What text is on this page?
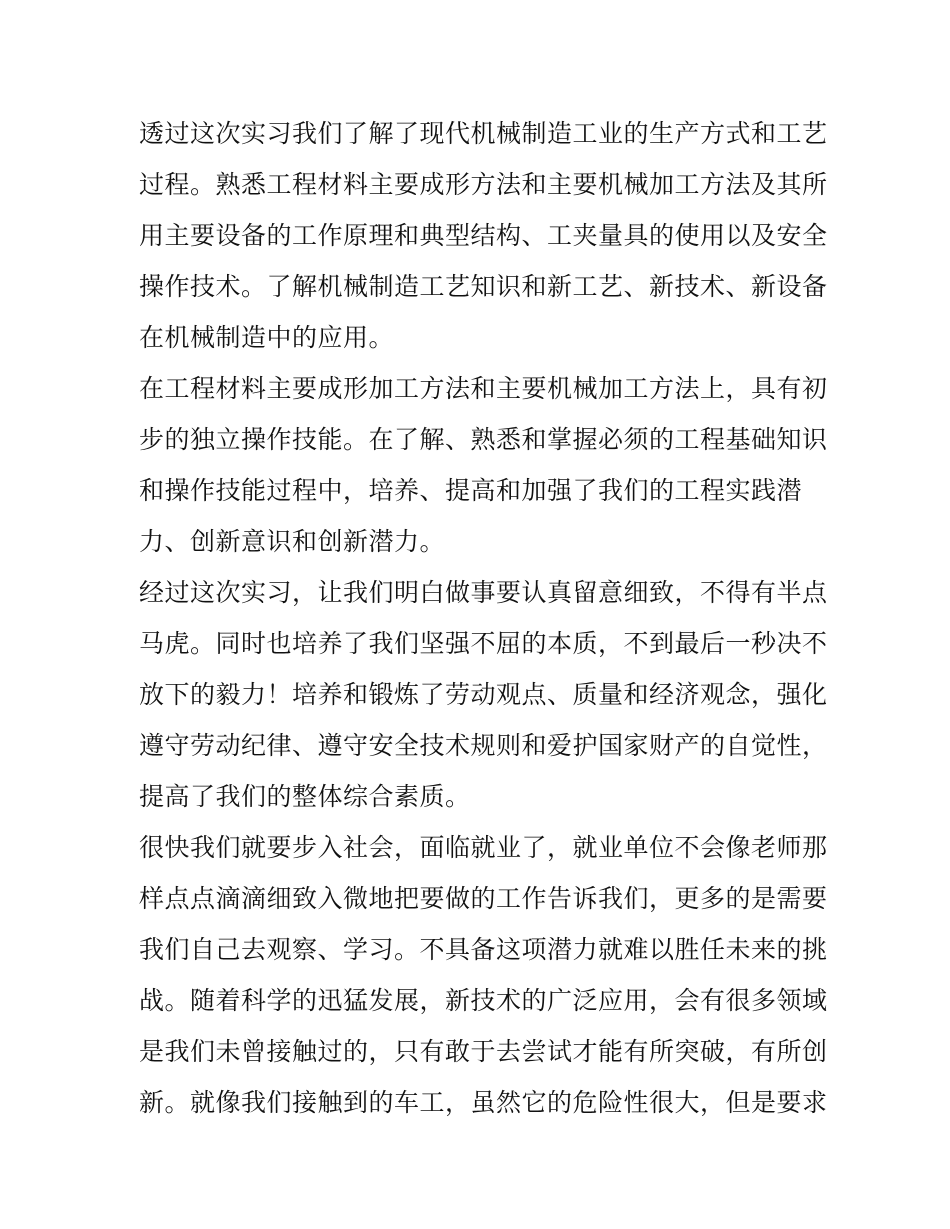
透过这次实习我们了解了现代机械制造工业的生产方式和工艺
过程。熟悉工程材料主要成形方法和主要机械加工方法及其所
用主要设备的工作原理和典型结构、工夹量具的使用以及安全
操作技术。了解机械制造工艺知识和新工艺、新技术、新设备
在机械制造中的应用。
在工程材料主要成形加工方法和主要机械加工方法上，具有初
步的独立操作技能。在了解、熟悉和掌握必须的工程基础知识
和操作技能过程中，培养、提高和加强了我们的工程实践潜
力、创新意识和创新潜力。
经过这次实习，让我们明白做事要认真留意细致，不得有半点
马虎。同时也培养了我们坚强不屈的本质，不到最后一秒决不
放下的毅力！培养和锻炼了劳动观点、质量和经济观念，强化
遵守劳动纪律、遵守安全技术规则和爱护国家财产的自觉性，
提高了我们的整体综合素质。
很快我们就要步入社会，面临就业了，就业单位不会像老师那
样点点滴滴细致入微地把要做的工作告诉我们，更多的是需要
我们自己去观察、学习。不具备这项潜力就难以胜任未来的挑
战。随着科学的迅猛发展，新技术的广泛应用，会有很多领域
是我们未曾接触过的，只有敢于去尝试才能有所突破，有所创
新。就像我们接触到的车工，虽然它的危险性很大，但是要求
